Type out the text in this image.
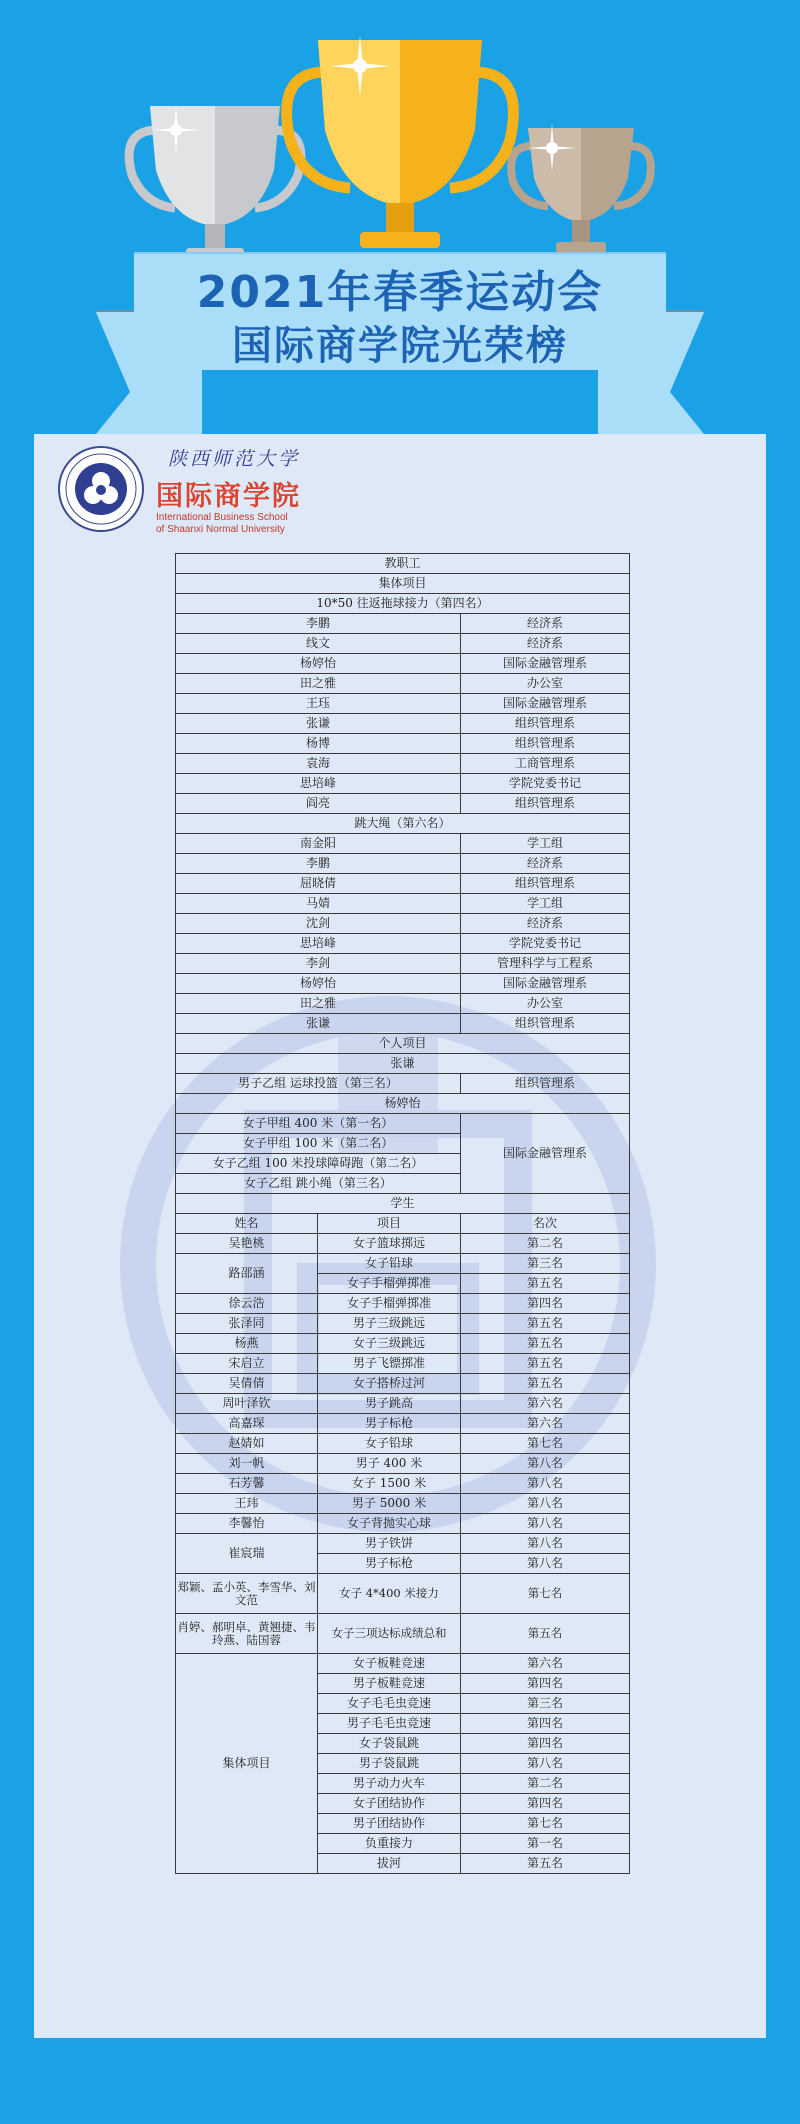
2021年春季运动会
国际商学院光荣榜
陕西师范大学
国际商学院
International Business School
of Shaanxi Normal University
教职工		
集体项目		
10*50 往返拖球接力（第四名）		
李鹏		经济系
线文		经济系
杨婷怡		国际金融管理系
田之雅		办公室
王珏		国际金融管理系
张谦		组织管理系
杨博		组织管理系
袁海		工商管理系
思培峰		学院党委书记
阎亮		组织管理系
跳大绳（第六名）		
南金阳		学工组
李鹏		经济系
屈晓倩		组织管理系
马婧		学工组
沈剑		经济系
思培峰		学院党委书记
李剑		管理科学与工程系
杨婷怡		国际金融管理系
田之雅		办公室
张谦		组织管理系
个人项目		
张谦		
男子乙组 运球投篮（第三名）		组织管理系
杨婷怡		
女子甲组 400 米（第一名）		国际金融管理系
女子甲组 100 米（第二名）		
女子乙组 100 米投球障碍跑（第二名）		
女子乙组 跳小绳（第三名）		
学生		
姓名	项目	名次
吴艳桃	女子篮球掷远	第二名
路邵涵	女子铅球	第三名
	女子手榴弹掷准	第五名
徐云浩	女子手榴弹掷准	第四名
张泽同	男子三级跳远	第五名
杨燕	女子三级跳远	第五名
宋启立	男子飞镖掷准	第五名
吴倩倩	女子搭桥过河	第五名
周叶泽钦	男子跳高	第六名
高嘉琛	男子标枪	第六名
赵婧如	女子铅球	第七名
刘一帆	男子 400 米	第八名
石芳馨	女子 1500 米	第八名
王玮	男子 5000 米	第八名
李馨怡	女子背抛实心球	第八名
崔宸瑞	男子铁饼	第八名
	男子标枪	第八名
郑颖、孟小英、李雪华、刘文范	女子 4*400 米接力	第七名
肖婷、郝明卓、黄翘捷、韦玲燕、陆国蓉	女子三项达标成绩总和	第五名
集体项目	女子板鞋竞速	第六名
	男子板鞋竞速	第四名
	女子毛毛虫竞速	第三名
	男子毛毛虫竞速	第四名
	女子袋鼠跳	第四名
	男子袋鼠跳	第八名
	男子动力火车	第二名
	女子团结协作	第四名
	男子团结协作	第七名
	负重接力	第一名
	拔河	第五名
